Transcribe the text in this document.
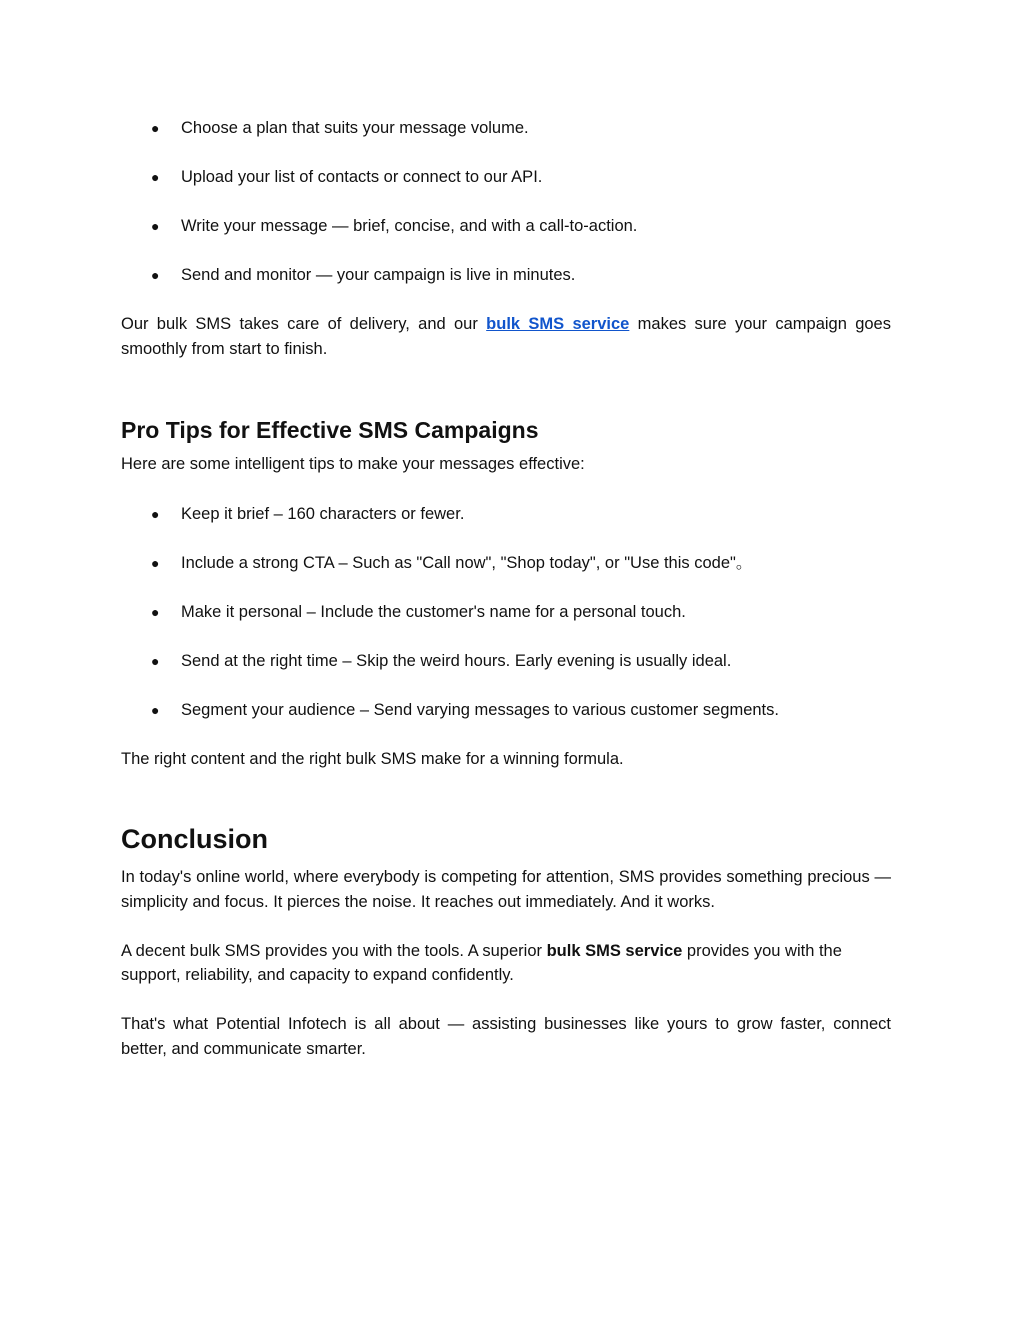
● Choose a plan that suits your message volume.
● Upload your list of contacts or connect to our API.
● Write your message — brief, concise, and with a call-to-action.
● Send and monitor — your campaign is live in minutes.

Our bulk SMS takes care of delivery, and our bulk SMS service makes sure your campaign goes smoothly from start to finish.

Pro Tips for Effective SMS Campaigns

Here are some intelligent tips to make your messages effective:

● Keep it brief – 160 characters or fewer.
● Include a strong CTA – Such as "Call now", "Shop today", or "Use this code"。
● Make it personal – Include the customer's name for a personal touch.
● Send at the right time – Skip the weird hours. Early evening is usually ideal.
● Segment your audience – Send varying messages to various customer segments.

The right content and the right bulk SMS make for a winning formula.

Conclusion

In today's online world, where everybody is competing for attention, SMS provides something precious — simplicity and focus. It pierces the noise. It reaches out immediately. And it works.

A decent bulk SMS provides you with the tools. A superior bulk SMS service provides you with the support, reliability, and capacity to expand confidently.

That's what Potential Infotech is all about — assisting businesses like yours to grow faster, connect better, and communicate smarter.
